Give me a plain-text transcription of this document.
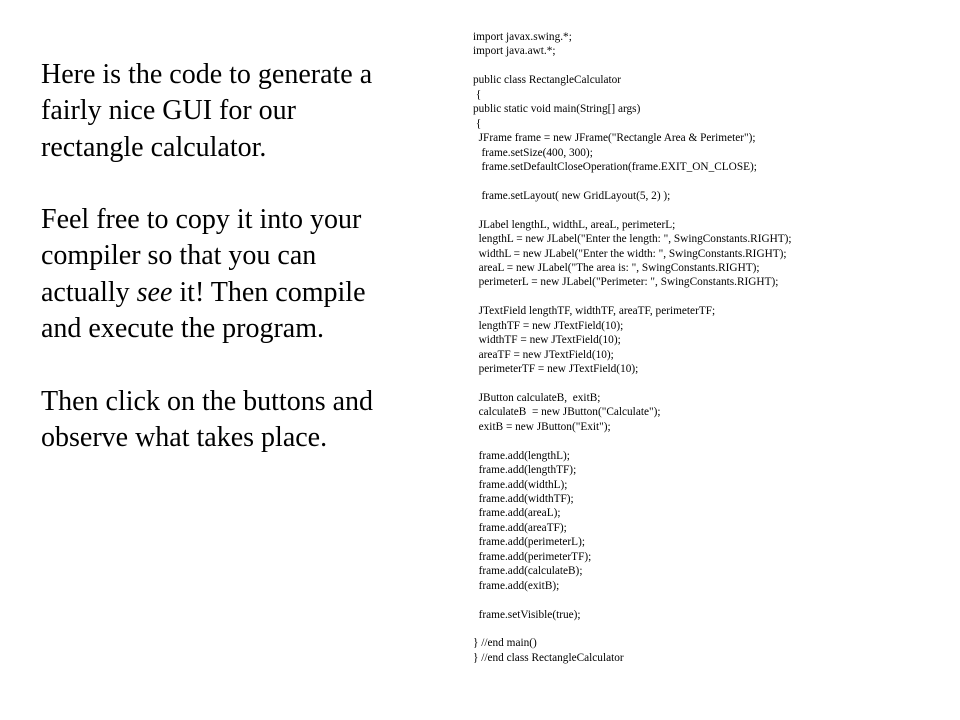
Here is the code to generate a fairly nice GUI for our rectangle calculator.

Feel free to copy it into your compiler so that you can actually see it! Then compile and execute the program.

Then click on the buttons and observe what takes place.

import javax.swing.*;
import java.awt.*;
public class RectangleCalculator
{
public static void main(String[] args)
{
JFrame frame = new JFrame("Rectangle Area & Perimeter");
frame.setSize(400, 300);
frame.setDefaultCloseOperation(frame.EXIT_ON_CLOSE);
frame.setLayout( new GridLayout(5, 2) );
JLabel lengthL, widthL, areaL, perimeterL;
lengthL = new JLabel("Enter the length: ", SwingConstants.RIGHT);
widthL = new JLabel("Enter the width: ", SwingConstants.RIGHT);
areaL = new JLabel("The area is: ", SwingConstants.RIGHT);
perimeterL = new JLabel("Perimeter: ", SwingConstants.RIGHT);
JTextField lengthTF, widthTF, areaTF, perimeterTF;
lengthTF = new JTextField(10);
widthTF = new JTextField(10);
areaTF = new JTextField(10);
perimeterTF = new JTextField(10);
JButton calculateB,  exitB;
calculateB  = new JButton("Calculate");
exitB = new JButton("Exit");
frame.add(lengthL);
frame.add(lengthTF);
frame.add(widthL);
frame.add(widthTF);
frame.add(areaL);
frame.add(areaTF);
frame.add(perimeterL);
frame.add(perimeterTF);
frame.add(calculateB);
frame.add(exitB);
frame.setVisible(true);
} //end main()
} //end class RectangleCalculator
